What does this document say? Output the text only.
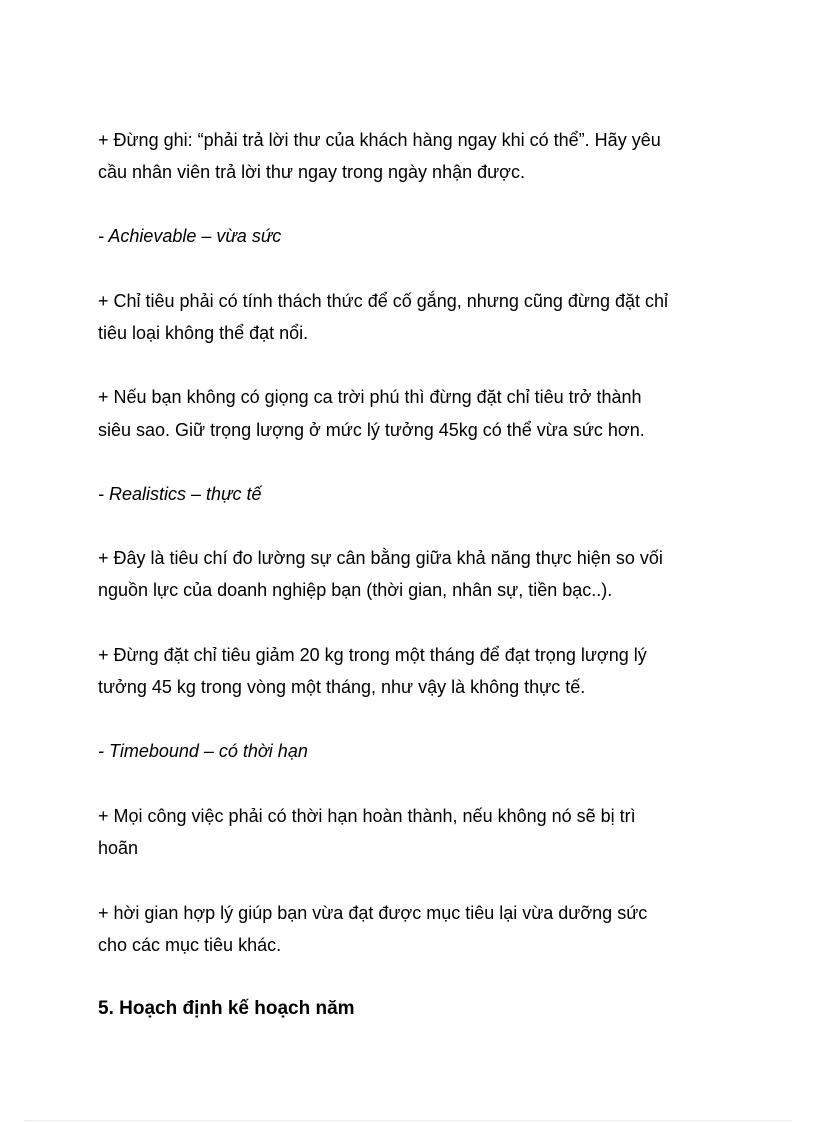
+ Đừng ghi: “phải trả lời thư của khách hàng ngay khi có thể”. Hãy yêu
cầu nhân viên trả lời thư ngay trong ngày nhận được.
- Achievable – vừa sức
+ Chỉ tiêu phải có tính thách thức để cố gắng, nhưng cũng đừng đặt chỉ
tiêu loại không thể đạt nổi.
+ Nếu bạn không có giọng ca trời phú thì đừng đặt chỉ tiêu trở thành
siêu sao. Giữ trọng lượng ở mức lý tưởng 45kg có thể vừa sức hơn.
- Realistics – thực tế
+ Đây là tiêu chí đo lường sự cân bằng giữa khả năng thực hiện so vối
nguồn lực của doanh nghiệp bạn (thời gian, nhân sự, tiền bạc..).
+ Đừng đặt chỉ tiêu giảm 20 kg trong một tháng để đạt trọng lượng lý
tưởng 45 kg trong vòng một tháng, như vậy là không thực tế.
- Timebound – có thời hạn
+ Mọi công việc phải có thời hạn hoàn thành, nếu không nó sẽ bị trì
hoãn
+ hời gian hợp lý giúp bạn vừa đạt được mục tiêu lại vừa dưỡng sức
cho các mục tiêu khác.
5. Hoạch định kế hoạch năm
